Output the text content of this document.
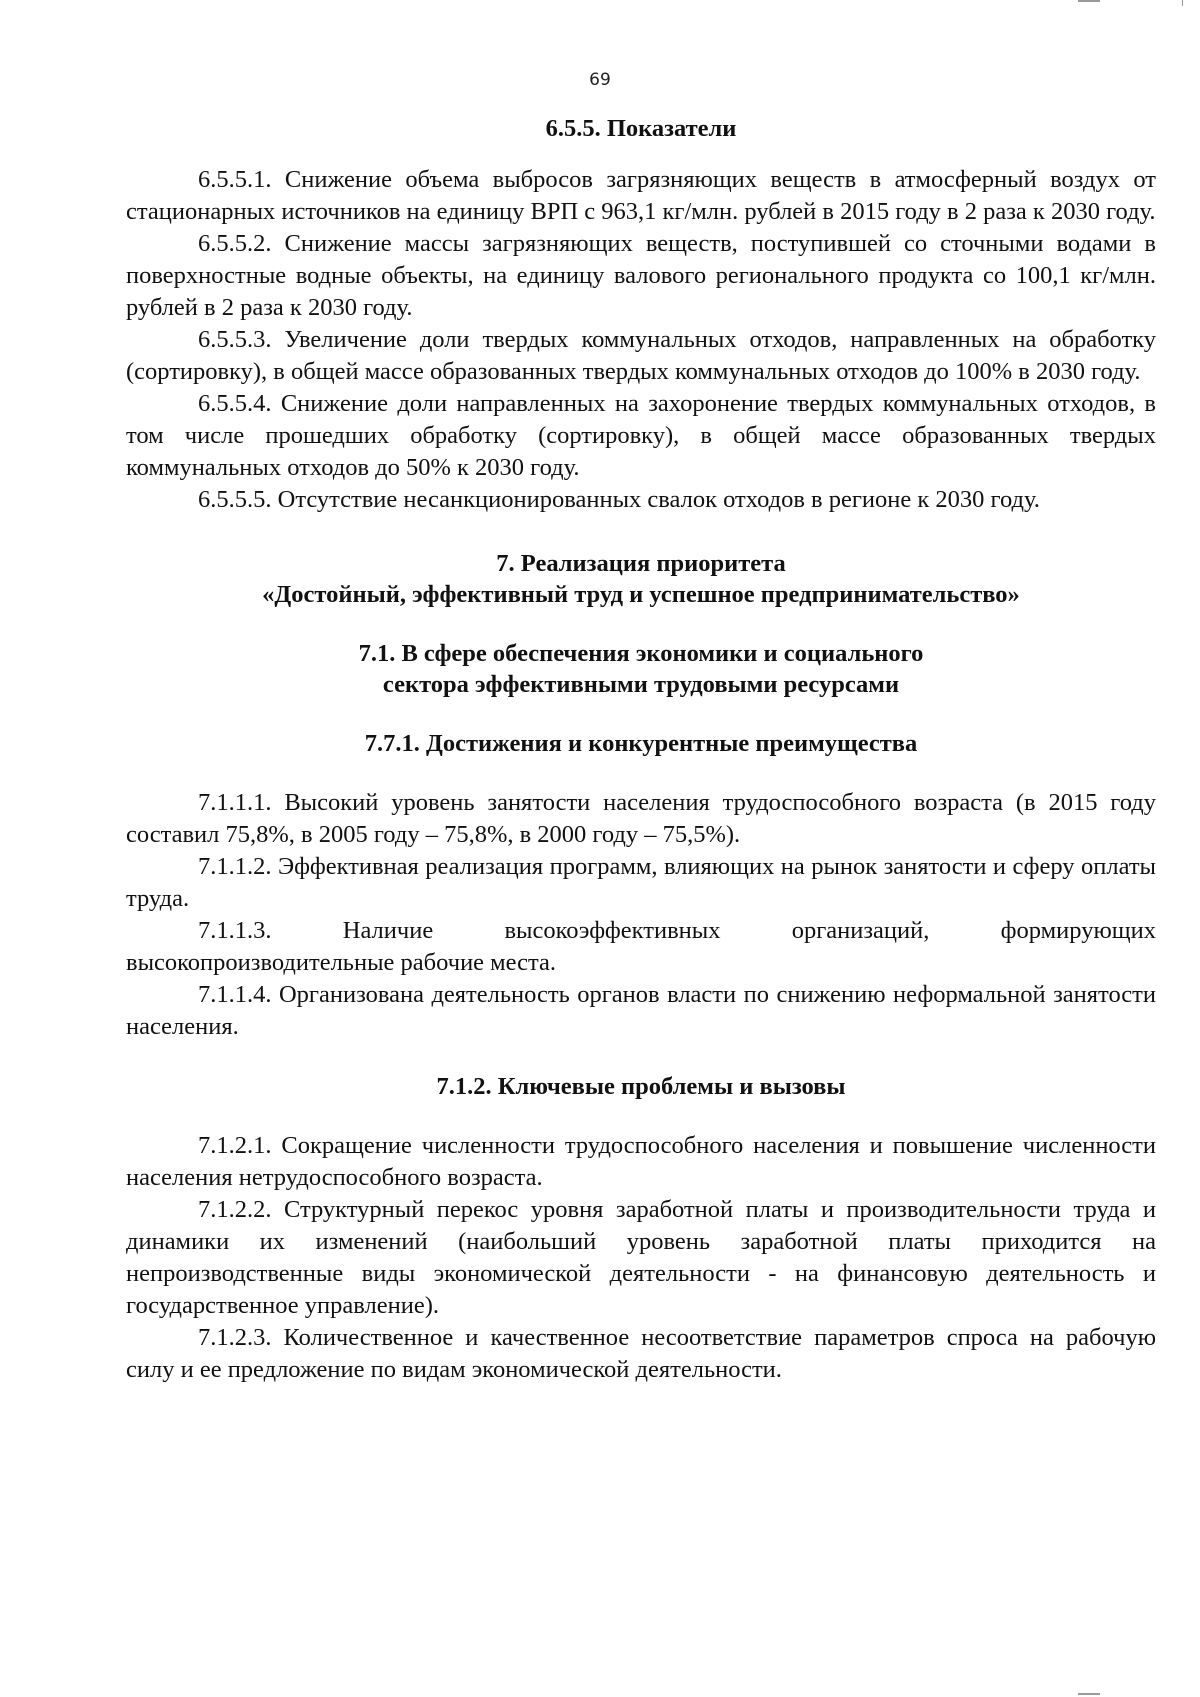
69

6.5.5. Показатели

6.5.5.1. Снижение объема выбросов загрязняющих веществ в атмосферный воздух от стационарных источников на единицу ВРП с 963,1 кг/млн. рублей в 2015 году в 2 раза к 2030 году.

6.5.5.2. Снижение массы загрязняющих веществ, поступившей со сточными водами в поверхностные водные объекты, на единицу валового регионального продукта со 100,1 кг/млн. рублей в 2 раза к 2030 году.

6.5.5.3. Увеличение доли твердых коммунальных отходов, направленных на обработку (сортировку), в общей массе образованных твердых коммунальных отходов до 100% в 2030 году.

6.5.5.4. Снижение доли направленных на захоронение твердых коммунальных отходов, в том числе прошедших обработку (сортировку), в общей массе образованных твердых коммунальных отходов до 50% к 2030 году.

6.5.5.5. Отсутствие несанкционированных свалок отходов в регионе к 2030 году.

7. Реализация приоритета

«Достойный, эффективный труд и успешное предпринимательство»

7.1. В сфере обеспечения экономики и социального

сектора эффективными трудовыми ресурсами

7.7.1. Достижения и конкурентные преимущества

7.1.1.1. Высокий уровень занятости населения трудоспособного возраста (в 2015 году составил 75,8%, в 2005 году – 75,8%, в 2000 году – 75,5%).

7.1.1.2. Эффективная реализация программ, влияющих на рынок занятости и сферу оплаты труда.

7.1.1.3. Наличие высокоэффективных организаций, формирующих высокопроизводительные рабочие места.

7.1.1.4. Организована деятельность органов власти по снижению неформальной занятости населения.

7.1.2. Ключевые проблемы и вызовы

7.1.2.1. Сокращение численности трудоспособного населения и повышение численности населения нетрудоспособного возраста.

7.1.2.2. Структурный перекос уровня заработной платы и производительности труда и динамики их изменений (наибольший уровень заработной платы приходится на непроизводственные виды экономической деятельности - на финансовую деятельность и государственное управление).

7.1.2.3. Количественное и качественное несоответствие параметров спроса на рабочую силу и ее предложение по видам экономической деятельности.
